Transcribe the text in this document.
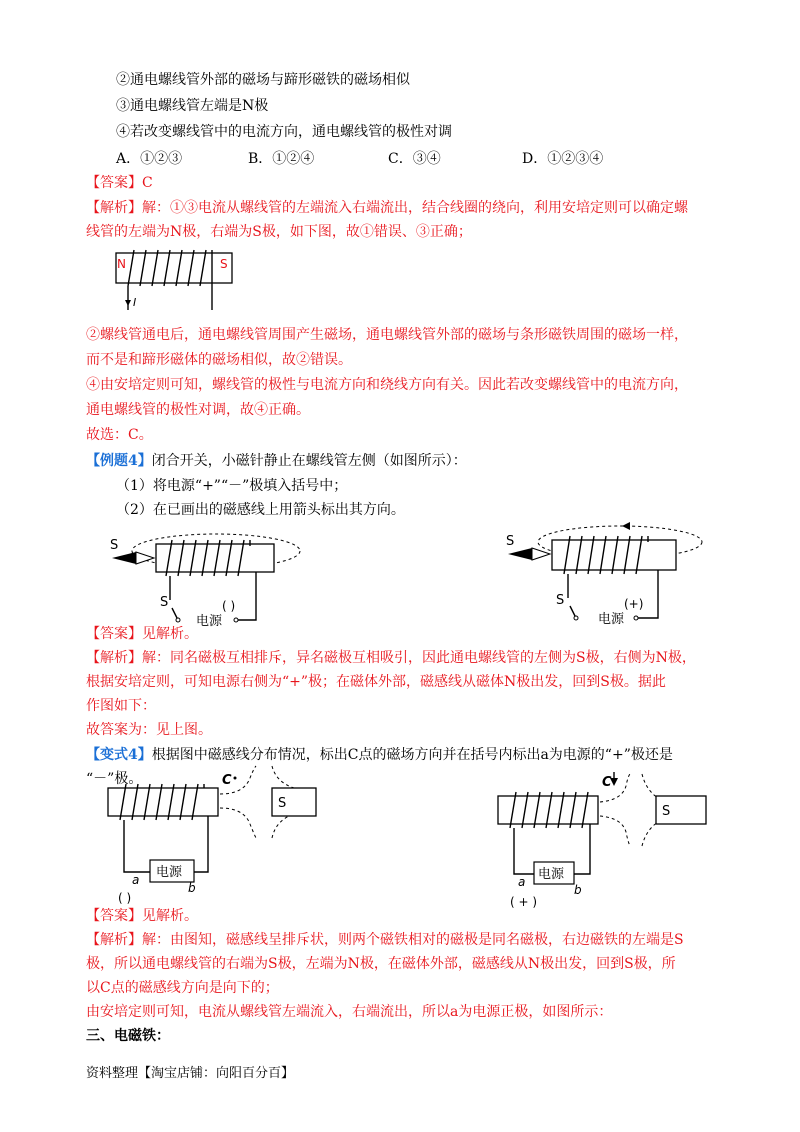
②通电螺线管外部的磁场与蹄形磁铁的磁场相似
③通电螺线管左端是N极
④若改变螺线管中的电流方向，通电螺线管的极性对调
A．①②③	B．①②④	C．③④	D．①②③④
【答案】C
【解析】解：①③电流从螺线管的左端流入右端流出，结合线圈的绕向，利用安培定则可以确定螺
线管的左端为N极，右端为S极，如下图，故①错误、③正确；
N	S
I
②螺线管通电后，通电螺线管周围产生磁场，通电螺线管外部的磁场与条形磁铁周围的磁场一样，
而不是和蹄形磁体的磁场相似，故②错误。
④由安培定则可知，螺线管的极性与电流方向和绕线方向有关。因此若改变螺线管中的电流方向，
通电螺线管的极性对调，故④正确。
故选：C。
【例题4】闭合开关，小磁针静止在螺线管左侧（如图所示）：
（1）将电源“+”“－”极填入括号中；
（2）在已画出的磁感线上用箭头标出其方向。
S
S
电源
( )
S
S
电源
(+)
【答案】见解析。
【解析】解：同名磁极互相排斥，异名磁极互相吸引，因此通电螺线管的左侧为S极，右侧为N极，
根据安培定则，可知电源右侧为“+”极；在磁体外部，磁感线从磁体N极出发，回到S极。据此
作图如下：
故答案为：见上图。
【变式4】根据图中磁感线分布情况，标出C点的磁场方向并在括号内标出a为电源的“+”极还是
“－”极。
S
C
电源
a
b
( )
S
C
电源
a
b
( + )
【答案】见解析。
【解析】解：由图知，磁感线呈排斥状，则两个磁铁相对的磁极是同名磁极，右边磁铁的左端是S
极，所以通电螺线管的右端为S极，左端为N极，在磁体外部，磁感线从N极出发，回到S极，所
以C点的磁感线方向是向下的；
由安培定则可知，电流从螺线管左端流入，右端流出，所以a为电源正极，如图所示：
三、电磁铁：
资料整理【淘宝店铺：向阳百分百】
